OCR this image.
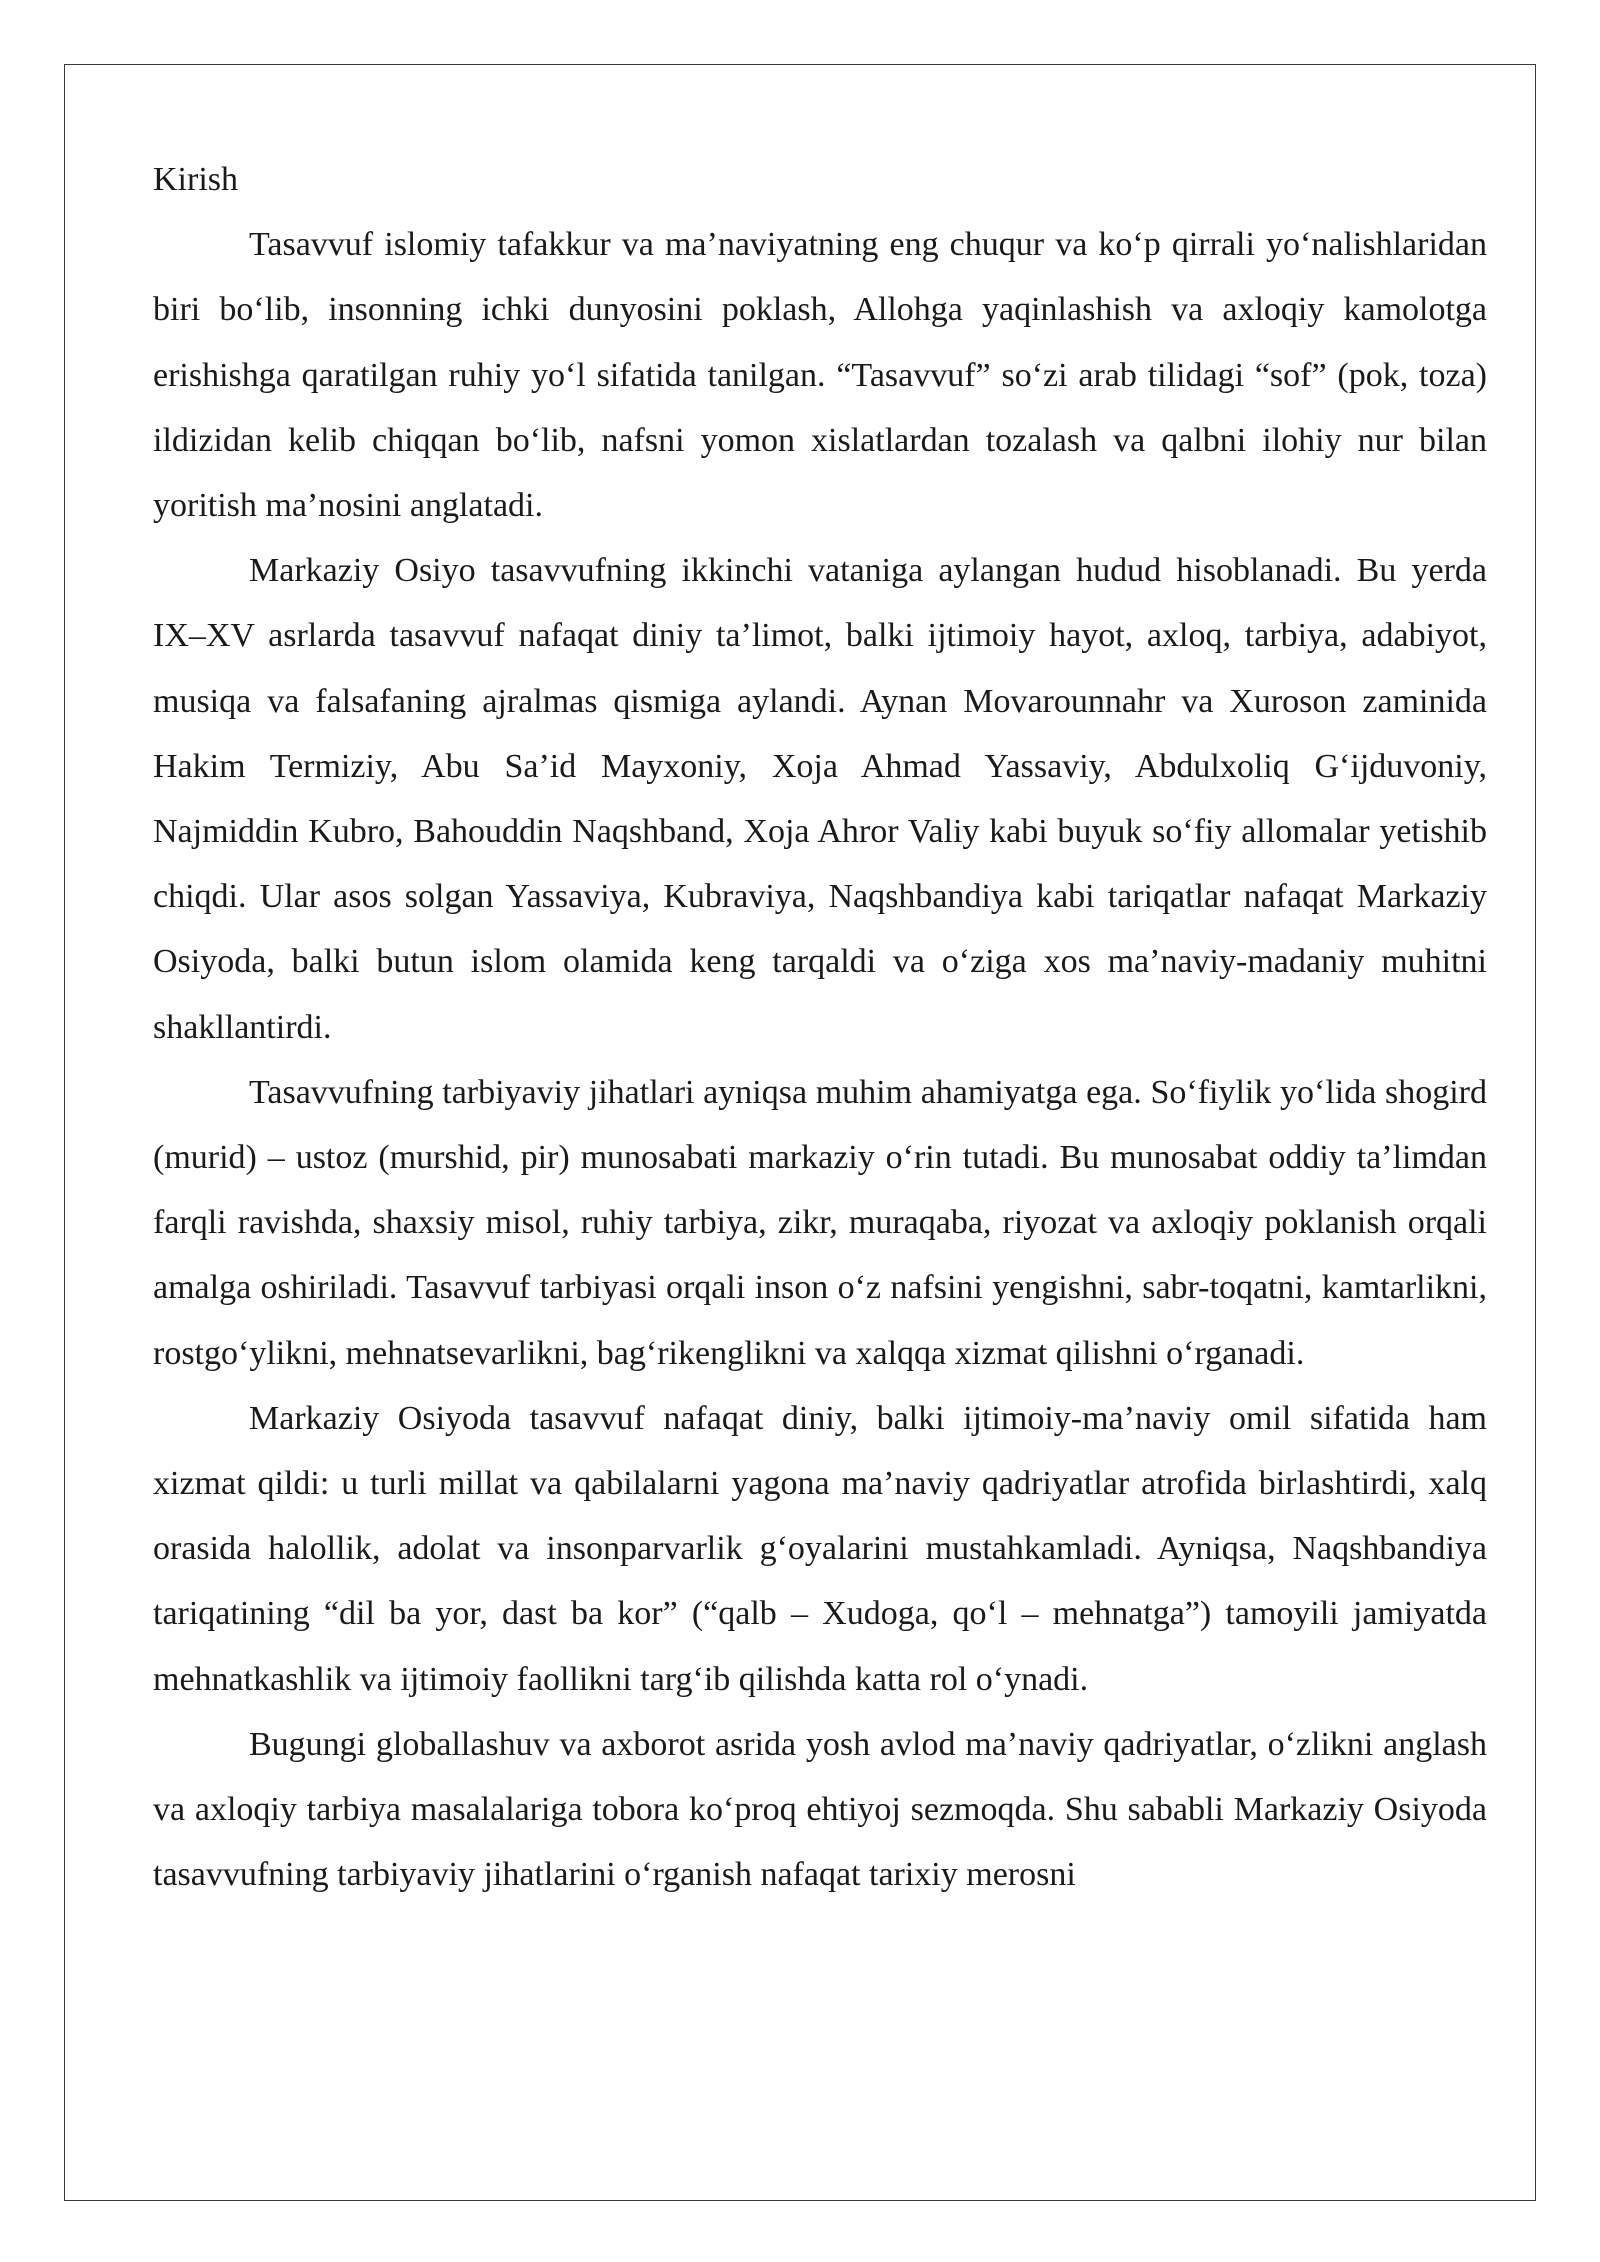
Kirish

Tasavvuf islomiy tafakkur va ma’naviyatning eng chuqur va ko‘p qirrali yo‘nalishlaridan biri bo‘lib, insonning ichki dunyosini poklash, Allohga yaqinlashish va axloqiy kamolotga erishishga qaratilgan ruhiy yo‘l sifatida tanilgan. “Tasavvuf” so‘zi arab tilidagi “sof” (pok, toza) ildizidan kelib chiqqan bo‘lib, nafsni yomon xislatlardan tozalash va qalbni ilohiy nur bilan yoritish ma’nosini anglatadi.

Markaziy Osiyo tasavvufning ikkinchi vataniga aylangan hudud hisoblanadi. Bu yerda IX–XV asrlarda tasavvuf nafaqat diniy ta’limot, balki ijtimoiy hayot, axloq, tarbiya, adabiyot, musiqa va falsafaning ajralmas qismiga aylandi. Aynan Movarounnahr va Xuroson zaminida Hakim Termiziy, Abu Sa’id Mayxoniy, Xoja Ahmad Yassaviy, Abdulxoliq G‘ijduvoniy, Najmiddin Kubro, Bahouddin Naqshband, Xoja Ahror Valiy kabi buyuk so‘fiy allomalar yetishib chiqdi. Ular asos solgan Yassaviya, Kubraviya, Naqshbandiya kabi tariqatlar nafaqat Markaziy Osiyoda, balki butun islom olamida keng tarqaldi va o‘ziga xos ma’naviy-madaniy muhitni shakllantirdi.

Tasavvufning tarbiyaviy jihatlari ayniqsa muhim ahamiyatga ega. So‘fiylik yo‘lida shogird (murid) – ustoz (murshid, pir) munosabati markaziy o‘rin tutadi. Bu munosabat oddiy ta’limdan farqli ravishda, shaxsiy misol, ruhiy tarbiya, zikr, muraqaba, riyozat va axloqiy poklanish orqali amalga oshiriladi. Tasavvuf tarbiyasi orqali inson o‘z nafsini yengishni, sabr-toqatni, kamtarlikni, rostgo‘ylikni, mehnatsevarlikni, bag‘rikenglikni va xalqqa xizmat qilishni o‘rganadi.

Markaziy Osiyoda tasavvuf nafaqat diniy, balki ijtimoiy-ma’naviy omil sifatida ham xizmat qildi: u turli millat va qabilalarni yagona ma’naviy qadriyatlar atrofida birlashtirdi, xalq orasida halollik, adolat va insonparvarlik g‘oyalarini mustahkamladi. Ayniqsa, Naqshbandiya tariqatining “dil ba yor, dast ba kor” (“qalb – Xudoga, qo‘l – mehnatga”) tamoyili jamiyatda mehnatkashlik va ijtimoiy faollikni targ‘ib qilishda katta rol o‘ynadi.

Bugungi globallashuv va axborot asrida yosh avlod ma’naviy qadriyatlar, o‘zlikni anglash va axloqiy tarbiya masalalariga tobora ko‘proq ehtiyoj sezmoqda. Shu sababli Markaziy Osiyoda tasavvufning tarbiyaviy jihatlarini o‘rganish nafaqat tarixiy merosni
